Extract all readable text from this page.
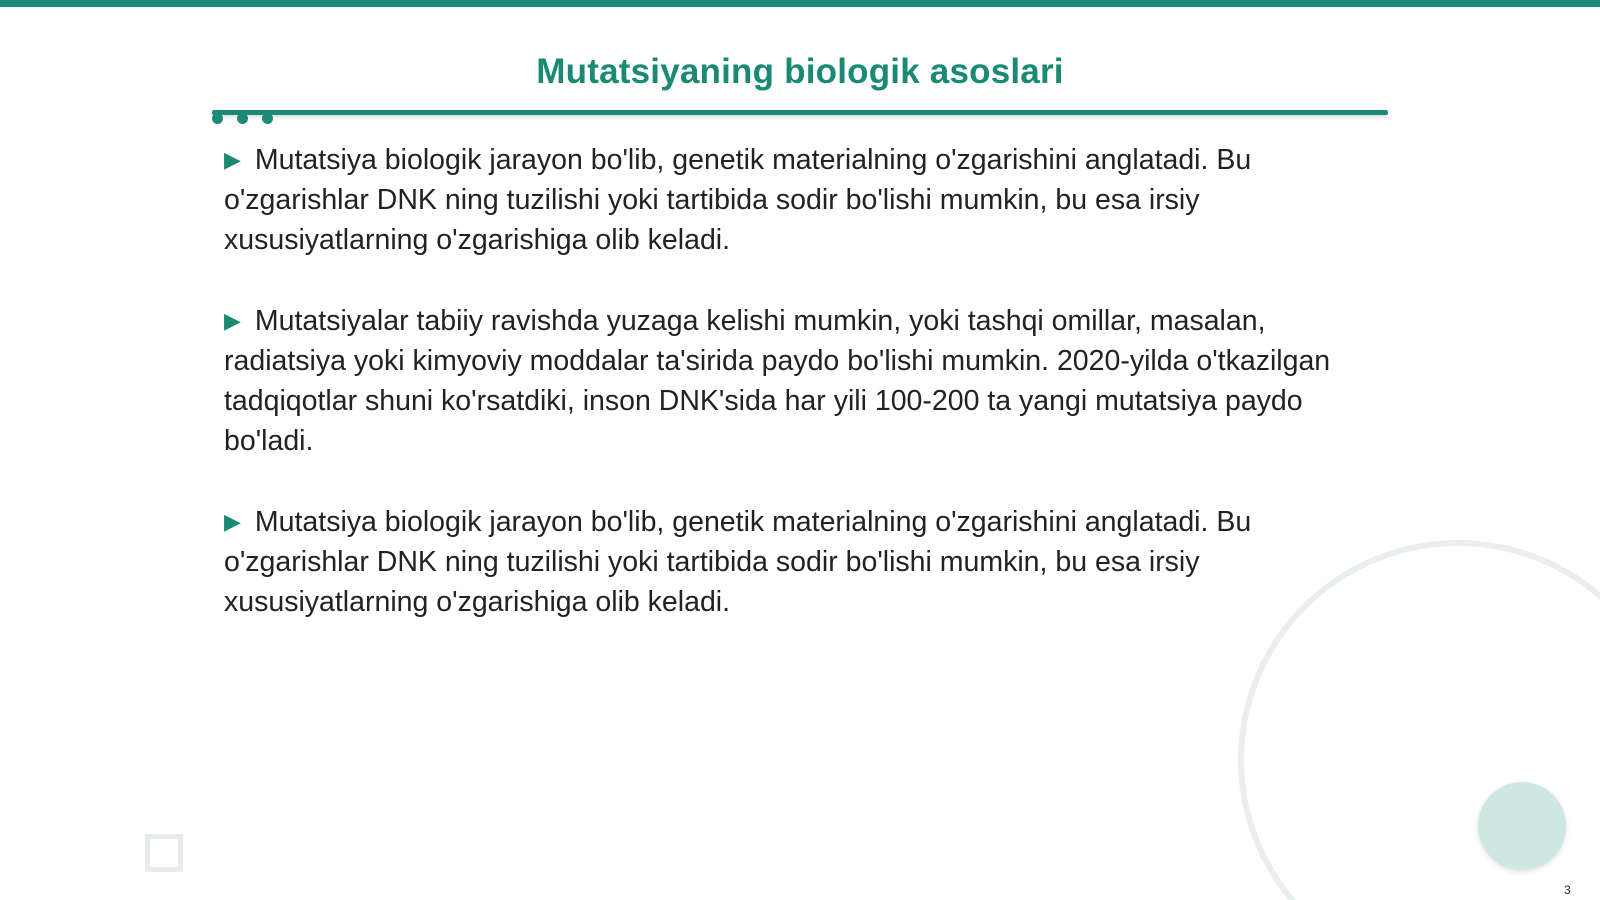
Mutatsiyaning biologik asoslari

▶ Mutatsiya biologik jarayon bo'lib, genetik materialning o'zgarishini anglatadi. Bu o'zgarishlar DNK ning tuzilishi yoki tartibida sodir bo'lishi mumkin, bu esa irsiy xususiyatlarning o'zgarishiga olib keladi.

▶ Mutatsiyalar tabiiy ravishda yuzaga kelishi mumkin, yoki tashqi omillar, masalan, radiatsiya yoki kimyoviy moddalar ta'sirida paydo bo'lishi mumkin. 2020-yilda o'tkazilgan tadqiqotlar shuni ko'rsatdiki, inson DNK'sida har yili 100-200 ta yangi mutatsiya paydo bo'ladi.

▶ Mutatsiya biologik jarayon bo'lib, genetik materialning o'zgarishini anglatadi. Bu o'zgarishlar DNK ning tuzilishi yoki tartibida sodir bo'lishi mumkin, bu esa irsiy xususiyatlarning o'zgarishiga olib keladi.

3
